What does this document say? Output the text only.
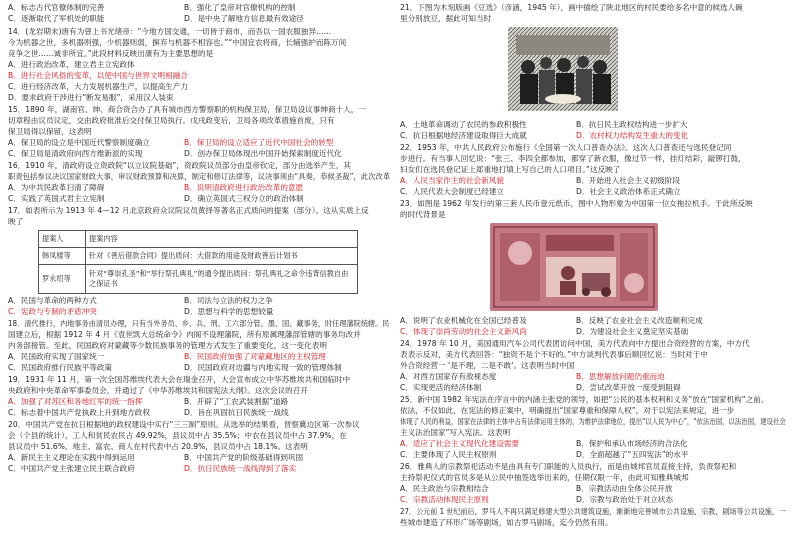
A．标志古代官僚体制的完善	B．强化了皇帝对官僚机构的控制
C．逐渐取代了军机处的职能	D．是中央了解地方信息最有效途径
14．(龙岩期末)唐有为曾上书光绪帝：“今地方国交通，一切皆于商市，而吾以一国农服独异……
今为机器之世，多机器则强，少机器则弱，摒弃与机器不相容也。”“中国宜农将商，长辅强护而陈万间
竞争之世……诚非所宜。”此段材料反映出康有为主要思想的是
A．进行政治改革，建立君主立宪政体
B．进行社会风俗的变革，以使中国与世界文明相融合
C．进行经济改革，大力发展机器生产，以提高生产力
D．要求政府干涉进行“断发易服”，采用汉人装束
15．1890 年，湖南官、绅、商合资合办了具有城市西方警察职的机构保卫局，保卫局设议事绅商十人，一
切章程由议员议定，交由政府批准后交付保卫局执行。戊戌政变后，卫局各项改革措施首废，只有
保卫局得以保留，这表明
A．保卫局的设立是中国近代警察制度确立	B．保卫局的设立适应了近代中国社会的转型
C．保卫局是清政府向西方维新派的实现	D．创办保卫局体现出中国开始探索制度近代化
16．1910 年，清政府设立资政院“以立议院基础”，资政院议员部分由皇帝钦定，部分由选举产生，其
职责包括参议决议国家财政大事，审议财政预算和决算，制定和修订法律等，议决事须由“具奏，恭候圣裁”，此次改革
A．为中共民政革扫清了障碍	B．说明清政府进行政治改革的意愿
C．实践了英国式君主立宪制	D．确立英国式三权分立的政治体制
17．如表所示为 1913 年 4—12 月北京政府众议院议员黄择等著名正式质问的提案（部分）。这从实质上反
映了
提案人	提案内容
韩凤楼等	针对《善后借款合同》提出质问：大借款的用途及财政善后计划书
罗永绍等	针对“尊崇孔圣”和“举行祭孔典礼”的通令提出质问：祭孔典礼之命令违背信教自由之保证书
A．民国与革命的两种方式	B．司法与立法的权力之争
C．宪政与专制的矛盾冲突	D．思想与科学的思想较量
18．清代推行，内地事务由清员办理，只有当外务员、乡、兵、刑、工六部分管。墨、国、藏事务，时任理藩院统辖。民
国建立后，根据 1912 年 4 月《袁世凯大总统命令》内阁不设理藩院，所有原属理藩部管辖的事务均改并
内务部接管。至此，民国政府对蒙藏等少数民族事务的管理方式发生了重要变化，这一变化表明
A．民国政府实现了国家统一	B．民国政府加强了对蒙藏地区的主权管理
C．民国政府推行民族平等政策	D．民国政府对边疆与内地实现一致的管理体制
19．1931 年 11 月，第一次全国苏维埃代表大会在瑞金召开，大会宣布成立中华苏维埃共和国临时中
央政府和中央革命军事委员会，并通过了《中华苏维埃共和国宪法大纲》。这次会议的召开
A．加强了对苏区和各地红军的统一指挥	B．开辟了“工农武装割据”道路
C．标志着中国共产党执政上升到地方政权	D．旨在巩固抗日民族统一战线
20．中国共产党在抗日根据地的政权建设中实行“三三制”原则。从选举的结果看，晋察冀边区第一次参议
会（个县的统计），工人和贫民农民占 49.92%，县议员中占 35.5%；中农在县议员中占 37.9%，在
县议员中 51.6%，地主、富农、商人在村代表中占 20.9%，县议员中占 18.1%。这表明
A．新民主主义理论在实践中得到运用	B．中国共产党的阶级基础得到巩固
C．中国共产党主张建立民主联合政府	D．抗日民族统一战线得到了落实
21．下图为木刻版画《豆选》（彦涵，1945 年），画中描绘了陕北地区的村民要给多名中意的候选人碗
里分别放豆，据此可知当时
A．土地革命调动了农民的参政积极性	B．抗日民主政权结构进一步扩大
C．抗日根据地经济建设取得巨大成就	D．农村权力结构发生重大的变化
22．1953 年，中共人民政府公布施行《全国第一次人口普查办法》。这次人口普查还与选民登记同
步进行。有当事人回忆说：“张三、李四全都参加，都穿了新衣服，像过节一样，挂灯结彩，敲锣打鼓，
妇女们在选民登记证上郑重地打填上写自己的人口项目。”这反映了
A．人民当家作主的社会新风貌	B．开始进入社会主义初级阶段
C．人民代表大会制度已经建立	D．社会主义政治体系正式确立
23．如图是 1962 年发行的第三套人民币壹元纸币，图中人物形象为中国第一位女拖拉机手。于此所反映
的时代背景是
A．说明了农业机械化在全国已经普及	B．反映了农业社会主义改造顺利完成
C．体现了崇尚劳动的社会主义新风尚	D．为建设社会主义奠定坚实基础
24．1978 年 10 月，美国通用汽车公司代表团访问中国，美方代表向中方提出合资经营的方案，中方代
表表示反对，美方代表回答：“独资不是个不好的。”中方谈判代表事后顺回忆说：当时对于中
外合资经营一 ‘是不理，二是不敢’。这表明当时中国
A．对西方国家存有敌视态度	B．思想解放问题仍重而迫
C．实现更活的经济体制	D．尝试改革开放一度受到阻碍
25．新中国 1982 年宪法在序言中的内涵主张党的领导，如把“公民的基本权利和义务”放在“国家机构”之前。
依法，不仅如此，在宪法的修正案中，明确提出“国家尊重和保障人权”，对于以宪法来规定，进一步
体现了人民的利益，国家在法律的主体中占有法律运用主体的，为维护法律地位，提出“以人民为中心”，“依法治国，以法治国，建设社会
主义法治国家”写入宪法。这表明
A．适应了社会主义现代化建设需要	B．保护和承认市场经济的合法化
C．主要体现了人民主权原则	D．全面超越了“五四宪法”的水平
26．雅典人的宗教祭祀活动不是由具有专门职能的人员执行，而是由城邦官员直接主持，负责祭祀和
主持祭祀仪式的官员多是从公民中抽签选举出来的，任期仅限一年，由此可知雅典城邦
A．民主政治与宗教相结合	B．宗教活动由全体公民开放
C．宗教活动体现民主原则	D．宗教与政治处于对立状态
27．公元前 1 世纪前后，罗马人不再只满足修建大型公共建筑设施，渐渐地完善城市公共设施、宗教、剧场等公共设施，一
些城市建造了环形广场等剧场，如古罗马剧场，迄今仍然有用。
